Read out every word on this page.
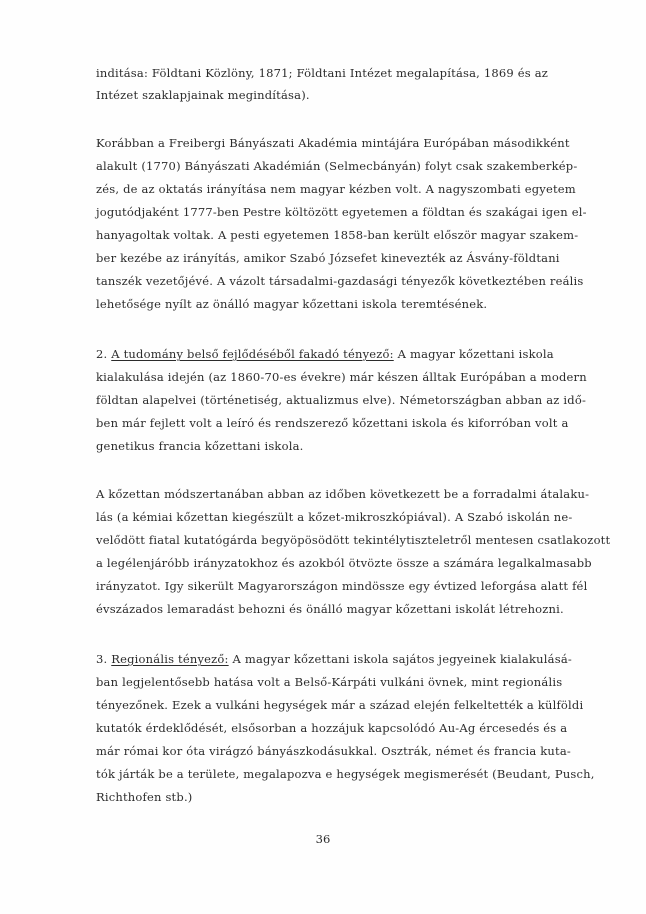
inditása: Földtani Közlöny, 1871; Földtani Intézet megalapítása, 1869 és az
Intézet szaklapjainak megindítása).
Korábban a Freibergi Bányászati Akadémia mintájára Európában másodikként
alakult (1770) Bányászati Akadémián (Selmecbányán) folyt csak szakemberkép-
zés, de az oktatás irányítása nem magyar kézben volt. A nagyszombati egyetem
jogutódjaként 1777-ben Pestre költözött egyetemen a földtan és szakágai igen el-
hanyagoltak voltak. A pesti egyetemen 1858-ban került először magyar szakem-
ber kezébe az irányítás, amikor Szabó Józsefet kinevezték az Ásvány-földtani
tanszék vezetőjévé. A vázolt társadalmi-gazdasági tényezők következtében reális
lehetősége nyílt az önálló magyar kőzettani iskola teremtésének.
2. A tudomány belső fejlődéséből fakadó tényező: A magyar kőzettani iskola
kialakulása idején (az 1860-70-es évekre) már készen álltak Európában a modern
földtan alapelvei (történetiség, aktualizmus elve). Németországban abban az idő-
ben már fejlett volt a leíró és rendszerező kőzettani iskola és kiforróban volt a
genetikus francia kőzettani iskola.
A kőzettan módszertanában abban az időben következett be a forradalmi átalaku-
lás (a kémiai kőzettan kiegészült a kőzet-mikroszkópiával). A Szabó iskolán ne-
velődött fiatal kutatógárda begyöpösödött tekintélytiszteletről mentesen csatlakozott
a legélenjáróbb irányzatokhoz és azokból ötvözte össze a számára legalkalmasabb
irányzatot. Igy sikerült Magyarországon mindössze egy évtized leforgása alatt fél
évszázados lemaradást behozni és önálló magyar kőzettani iskolát létrehozni.
3. Regionális tényező: A magyar kőzettani iskola sajátos jegyeinek kialakulásá-
ban legjelentősebb hatása volt a Belső-Kárpáti vulkáni övnek, mint regionális
tényezőnek. Ezek a vulkáni hegységek már a század elején felkeltették a külföldi
kutatók érdeklődését, elsősorban a hozzájuk kapcsolódó Au-Ag ércesedés és a
már római kor óta virágzó bányászkodásukkal. Osztrák, német és francia kuta-
tók járták be a területe, megalapozva e hegységek megismerését (Beudant, Pusch,
Richthofen stb.)
36
